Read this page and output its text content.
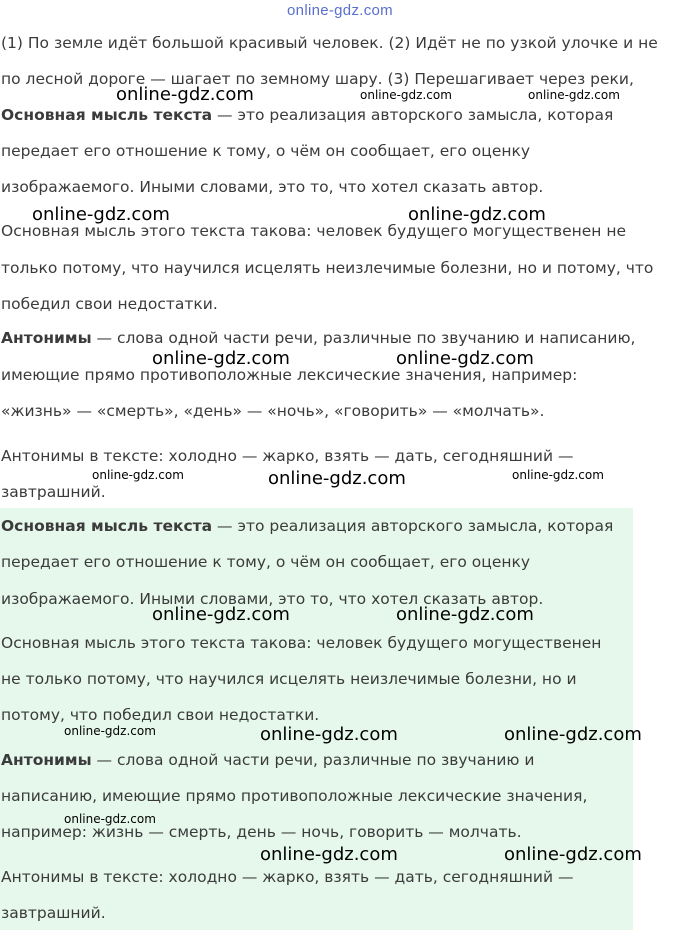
online-gdz.com
(1) По земле идёт большой красивый человек. (2) Идёт не по узкой улочке и не
по лесной дороге — шагает по земному шару. (3) Перешагивает через реки,
Основная мысль текста — это реализация авторского замысла, которая
передает его отношение к тому, о чём он сообщает, его оценку
изображаемого. Иными словами, это то, что хотел сказать автор.
Основная мысль этого текста такова: человек будущего могущественен не
только потому, что научился исцелять неизлечимые болезни, но и потому, что
победил свои недостатки.
Антонимы — слова одной части речи, различные по звучанию и написанию,
имеющие прямо противоположные лексические значения, например:
«жизнь» — «смерть», «день» — «ночь», «говорить» — «молчать».
Антонимы в тексте: холодно — жарко, взять — дать, сегодняшний —
завтрашний.
Основная мысль текста — это реализация авторского замысла, которая
передает его отношение к тому, о чём он сообщает, его оценку
изображаемого. Иными словами, это то, что хотел сказать автор.
Основная мысль этого текста такова: человек будущего могущественен
не только потому, что научился исцелять неизлечимые болезни, но и
потому, что победил свои недостатки.
Антонимы — слова одной части речи, различные по звучанию и
написанию, имеющие прямо противоположные лексические значения,
например: жизнь — смерть, день — ночь, говорить — молчать.
Антонимы в тексте: холодно — жарко, взять — дать, сегодняшний —
завтрашний.
online-gdz.com	online-gdz.com	online-gdz.com
online-gdz.com	online-gdz.com
online-gdz.com	online-gdz.com
online-gdz.com	online-gdz.com	online-gdz.com
online-gdz.com	online-gdz.com
online-gdz.com	online-gdz.com	online-gdz.com
online-gdz.com
online-gdz.com	online-gdz.com
